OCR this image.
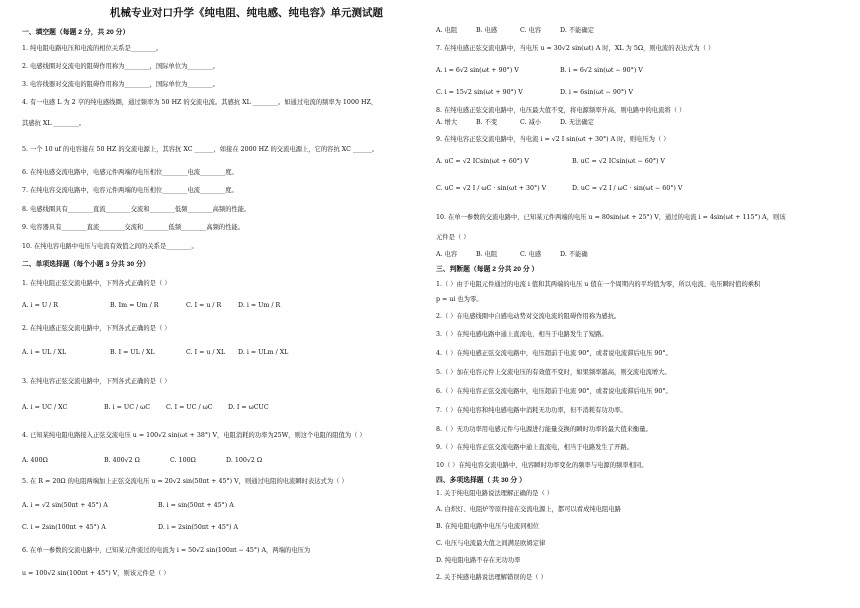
机械专业对口升学《纯电阻、纯电感、纯电容》单元测试题
一、填空题（每题 2 分，共 20 分）
1. 纯电阻电路电压和电流的相位关系是________。
2. 电感线圈对交流电的阻碍作用称为________，国际单位为________。
3. 电容线器对交流电的阻碍作用称为________，国际单位为________。
4. 有一电感 L 为 2 亨的纯电感线圈，通过频率为 50 HZ 的交流电流。其感抗 XL ________。如通过电流的频率为 1000 HZ，
其感抗 XL ________。
5. 一个 10 uf 的电容接在 50 HZ 的交流电源上，其容抗 XC ______，如接在 2000 HZ 的交流电源上，它的容抗 XC ______。
6. 在纯电感交流电路中，电感元件两端的电压相位________电流________度。
7. 在纯电容交流电路中，电容元件两端的电压相位________电流________度。
8. 电感线圈具有________直流________交流和________低频________高频的性能。
9. 电容器具有________直流________交流和________低频________高频的性能。
10. 在纯电容电路中电压与电流有效值之间的关系是________。
二、单项选择题（每个小题 3 分共 30 分）
1. 在纯电阻正弦交流电路中，下列各式正确的是（ ）
A. i = U / R	B. Im = Um / R	C. I = u / R	D. i = Um / R
2. 在纯电感正弦交流电路中，下列各式正确的是（ ）
A. i = UL / XL	B. I = UL / XL	C. I = u / XL D. i = ULm / XL
3. 在纯电容正弦交流电路中，下列各式正确的是（ ）
A. i = UC / XC	B. i = UC / ωC	C. I = UC / ωC D. I = ωCUC
4. 已知某纯电阻电路接入正弦交流电压 u = 100√2 sin(ωt + 38°) V，电阻消耗的功率为25W，则这个电阻的阻值为（ ）
A. 400Ω	B. 400√2 Ω	C. 100Ω	D. 100√2 Ω
5. 在 R = 20Ω 的电阻两端加上正弦交流电压 u = 20√2 sin(50πt + 45°) V，则通过电阻的电流瞬时表达式为（ ）
A. i = √2 sin(50πt + 45°) A	B. i = sin(50πt + 45°) A
C. i = 2sin(100πt + 45°) A	D. i = 2sin(50πt + 45°) A
6. 在单一参数的交流电路中，已知某元件流过的电流为 i = 50√2 sin(100πt − 45°) A，两端的电压为
u = 100√2 sin(100πt + 45°) V，则该元件是（ ）
A. 电阻	B. 电感	C. 电容	D. 不能确定
7. 在纯电感正弦交流电路中，当电压 u = 30√2 sin(ωt) A 时，XL 为 5Ω，则电流的表达式为（ ）
A. i = 6√2 sin(ωt + 90°) V	B. i = 6√2 sin(ωt − 90°) V
C. i = 15√2 sin(ωt + 90°) V	D. i = 6sin(ωt − 90°) V
8. 在纯电感正弦交流电路中，电压最大值不变，将电源频率升高，则电路中的电流将（ ）
A. 增大	B. 不变	C. 减小	D. 无法确定
9. 在纯电容正弦交流电路中，当电流 i = √2 I sin(ωt + 30°) A 时，则电压为（ ）
A. uC = √2 ICsin(ωt + 60°) V	B. uC = √2 ICsin(ωt − 60°) V
C. uC = √2 I / ωC · sin(ωt + 30°) V	D. uC = √2 I / ωC · sin(ωt − 60°) V
10. 在单一参数的交流电路中，已知某元件两端的电压 u = 80sin(ωt + 25°) V，通过的电流 i = 4sin(ωt + 115°) A，则该
元件是（ ）
A. 电容	B. 电阻	C. 电感	D. 不能确
三、判断题（每题 2 分共 20 分 ）
1.（ ）由于电阻元件通过的电流 i 值和其两端的电压 u 值在一个周期内的平均值为零，所以电流、电压瞬时值的乘积
p = ui 也为零。
2.（ ）在电感线圈中自感电动势对交流电流的阻碍作用称为感抗。
3.（ ）在纯电感电路中通上直流电，相当于电路发生了短路。
4.（ ）在纯电感正弦交流电路中，电压超前于电流 90°，或者说电流滞后电压 90°。
5.（ ）加在电容元件上交流电压的有效值不变时，如果频率越高，则交流电流增大。
6.（ ）在纯电容正弦交流电路中，电压超前于电流 90°，或者说电流滞后电压 90°。
7.（ ）在纯电容和纯电感电路中消耗无功功率，但不消耗有功功率。
8.（ ）无功功率用电感元件与电源进行能量交换的瞬时功率的最大值来衡量。
9.（ ）在纯电容正弦交流电路中通上直流电，相当于电路发生了开路。
10（ ）在纯电容交流电路中，电容瞬时功率变化的频率与电源的频率相同。
四、多项选择题（ 共 30 分 ）
1. 关于纯电阻电路说法理解正确的是（ ）
A. 白炽灯、电阻炉等原件接在交流电源上，都可以看成纯电阻电路
B. 在纯电阻电路中电压与电流同相位
C. 电压与电流最大值之间满足欧姆定律
D. 纯电阻电路不存在无功功率
2. 关于纯感电路说法理解错误的是（ ）
